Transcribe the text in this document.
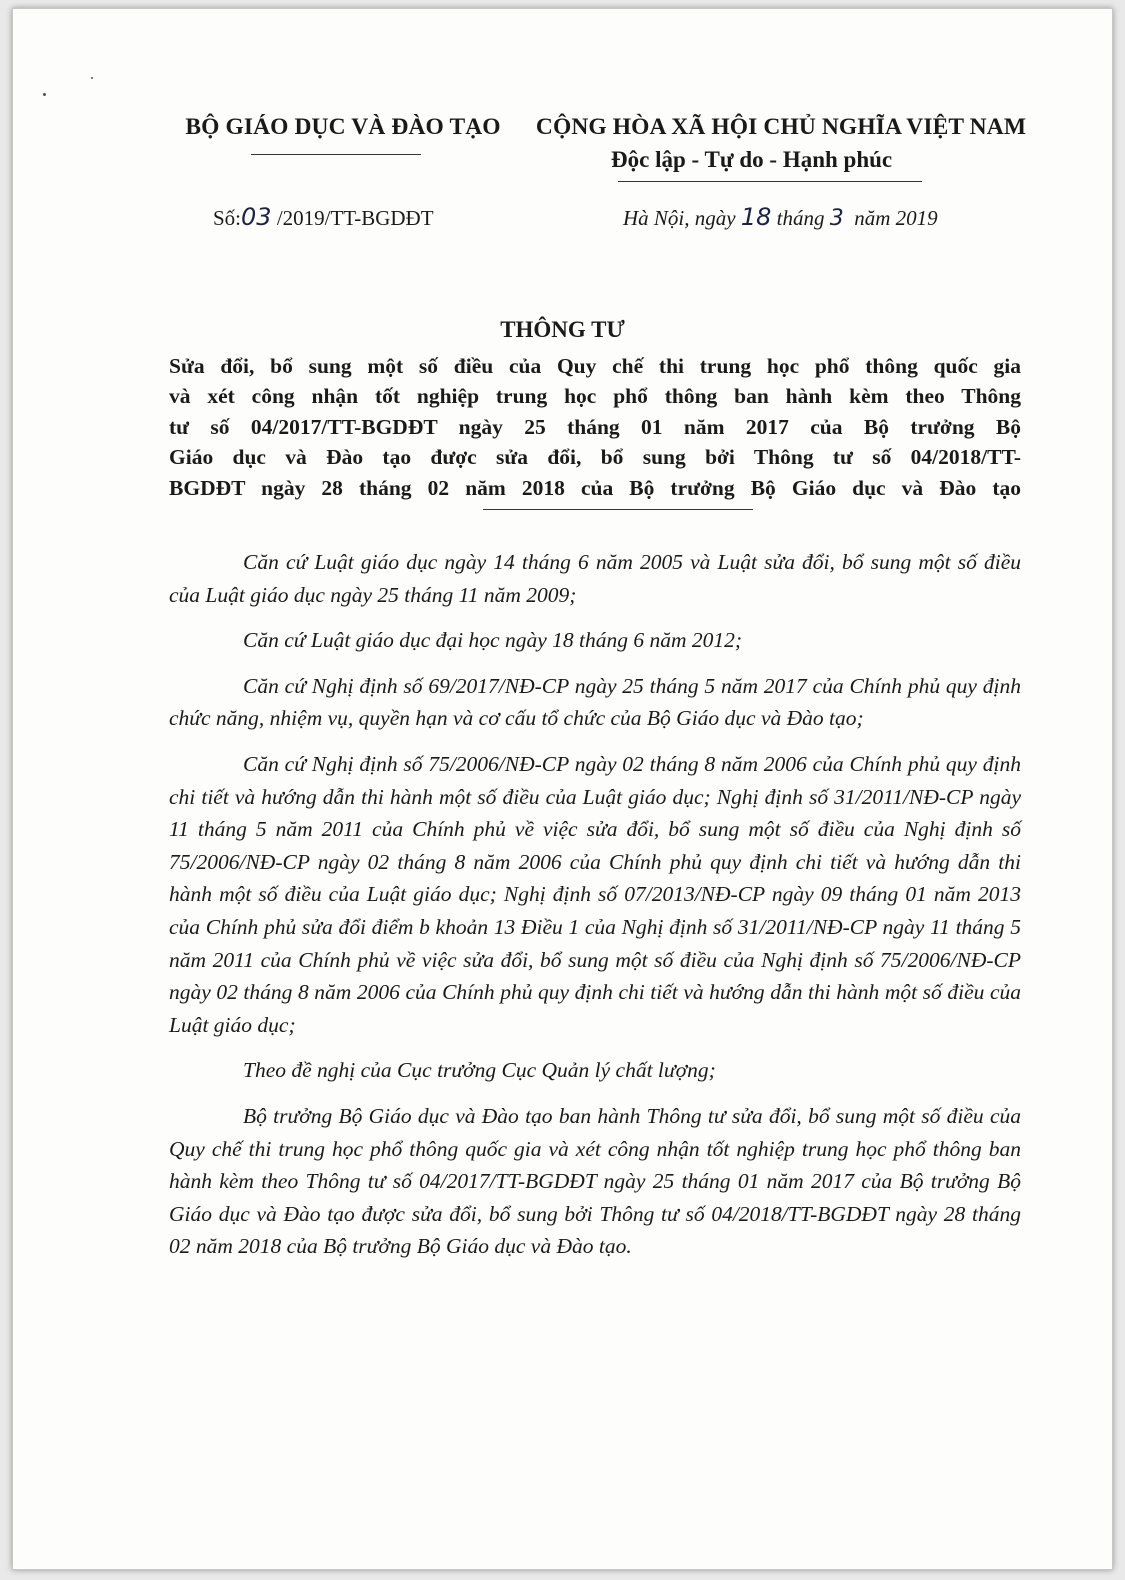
BỘ GIÁO DỤC VÀ ĐÀO TẠO	CỘNG HÒA XÃ HỘI CHỦ NGHĨA VIỆT NAM
Độc lập - Tự do - Hạnh phúc
Số:03 /2019/TT-BGDĐT	Hà Nội, ngày 18 tháng 3 năm 2019
THÔNG TƯ
Sửa đổi, bổ sung một số điều của Quy chế thi trung học phổ thông quốc gia
và xét công nhận tốt nghiệp trung học phổ thông ban hành kèm theo Thông
tư số 04/2017/TT-BGDĐT ngày 25 tháng 01 năm 2017 của Bộ trưởng Bộ
Giáo dục và Đào tạo được sửa đổi, bổ sung bởi Thông tư số 04/2018/TT-
BGDĐT ngày 28 tháng 02 năm 2018 của Bộ trưởng Bộ Giáo dục và Đào tạo

Căn cứ Luật giáo dục ngày 14 tháng 6 năm 2005 và Luật sửa đổi, bổ sung một số điều của Luật giáo dục ngày 25 tháng 11 năm 2009;

Căn cứ Luật giáo dục đại học ngày 18 tháng 6 năm 2012;

Căn cứ Nghị định số 69/2017/NĐ-CP ngày 25 tháng 5 năm 2017 của Chính phủ quy định chức năng, nhiệm vụ, quyền hạn và cơ cấu tổ chức của Bộ Giáo dục và Đào tạo;

Căn cứ Nghị định số 75/2006/NĐ-CP ngày 02 tháng 8 năm 2006 của Chính phủ quy định chi tiết và hướng dẫn thi hành một số điều của Luật giáo dục; Nghị định số 31/2011/NĐ-CP ngày 11 tháng 5 năm 2011 của Chính phủ về việc sửa đổi, bổ sung một số điều của Nghị định số 75/2006/NĐ-CP ngày 02 tháng 8 năm 2006 của Chính phủ quy định chi tiết và hướng dẫn thi hành một số điều của Luật giáo dục; Nghị định số 07/2013/NĐ-CP ngày 09 tháng 01 năm 2013 của Chính phủ sửa đổi điểm b khoản 13 Điều 1 của Nghị định số 31/2011/NĐ-CP ngày 11 tháng 5 năm 2011 của Chính phủ về việc sửa đổi, bổ sung một số điều của Nghị định số 75/2006/NĐ-CP ngày 02 tháng 8 năm 2006 của Chính phủ quy định chi tiết và hướng dẫn thi hành một số điều của Luật giáo dục;

Theo đề nghị của Cục trưởng Cục Quản lý chất lượng;

Bộ trưởng Bộ Giáo dục và Đào tạo ban hành Thông tư sửa đổi, bổ sung một số điều của Quy chế thi trung học phổ thông quốc gia và xét công nhận tốt nghiệp trung học phổ thông ban hành kèm theo Thông tư số 04/2017/TT-BGDĐT ngày 25 tháng 01 năm 2017 của Bộ trưởng Bộ Giáo dục và Đào tạo được sửa đổi, bổ sung bởi Thông tư số 04/2018/TT-BGDĐT ngày 28 tháng 02 năm 2018 của Bộ trưởng Bộ Giáo dục và Đào tạo.
